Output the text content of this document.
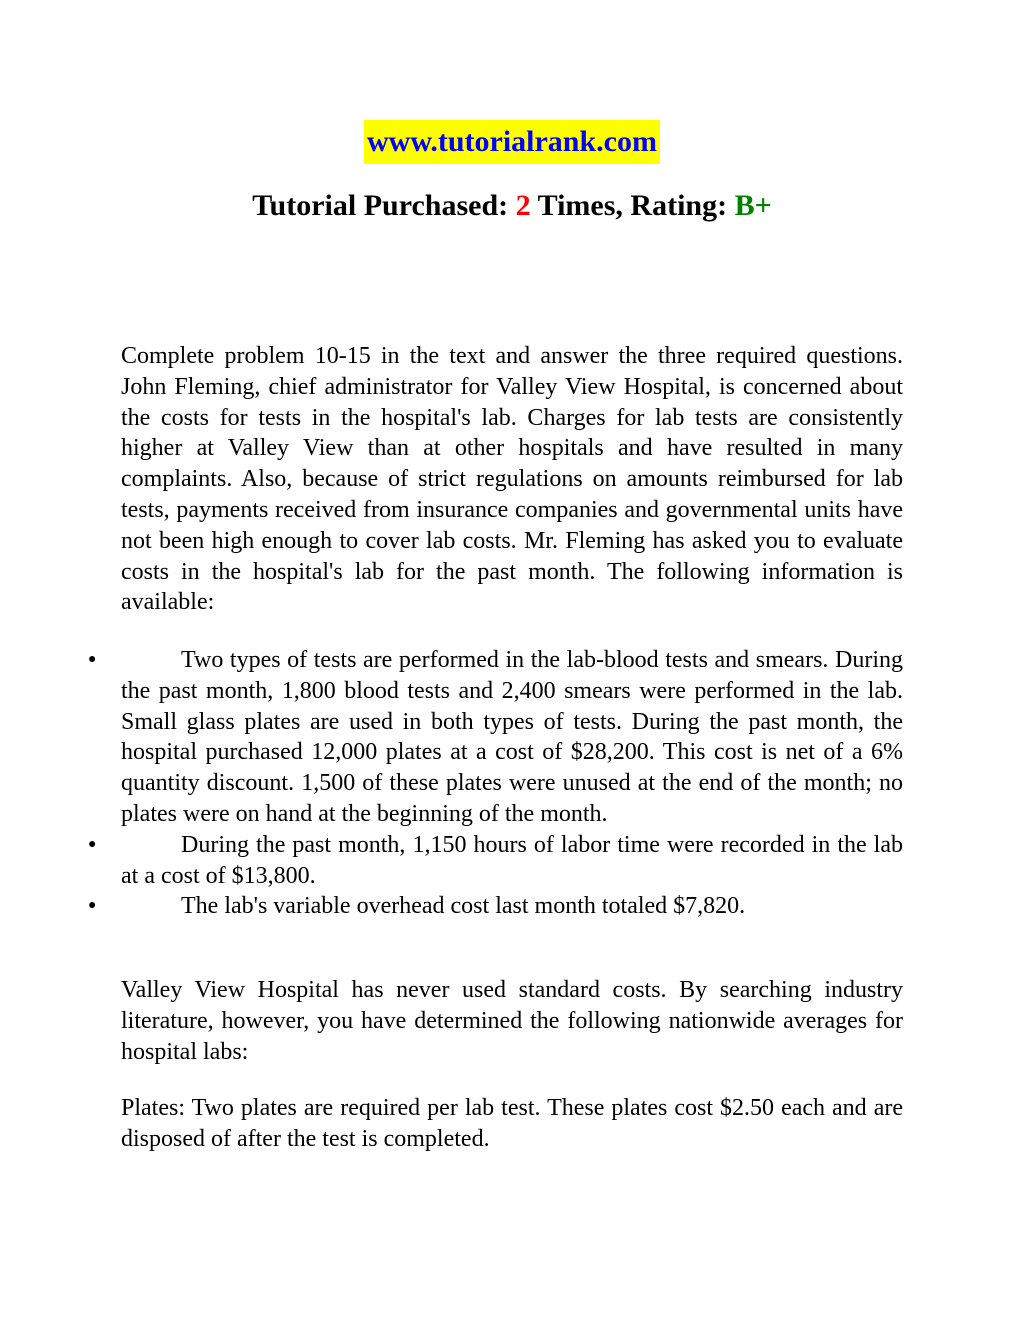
www.tutorialrank.com
Tutorial Purchased: 2 Times, Rating: B+

Complete problem 10-15 in the text and answer the three required questions. John Fleming, chief administrator for Valley View Hospital, is concerned about the costs for tests in the hospital's lab. Charges for lab tests are consistently higher at Valley View than at other hospitals and have resulted in many complaints. Also, because of strict regulations on amounts reimbursed for lab tests, payments received from insurance companies and governmental units have not been high enough to cover lab costs. Mr. Fleming has asked you to evaluate costs in the hospital's lab for the past month. The following information is available:

●	Two types of tests are performed in the lab-blood tests and smears. During the past month, 1,800 blood tests and 2,400 smears were performed in the lab. Small glass plates are used in both types of tests. During the past month, the hospital purchased 12,000 plates at a cost of $28,200. This cost is net of a 6% quantity discount. 1,500 of these plates were unused at the end of the month; no plates were on hand at the beginning of the month.
●	During the past month, 1,150 hours of labor time were recorded in the lab at a cost of $13,800.
●	The lab's variable overhead cost last month totaled $7,820.

Valley View Hospital has never used standard costs. By searching industry literature, however, you have determined the following nationwide averages for hospital labs:

Plates: Two plates are required per lab test. These plates cost $2.50 each and are disposed of after the test is completed.
